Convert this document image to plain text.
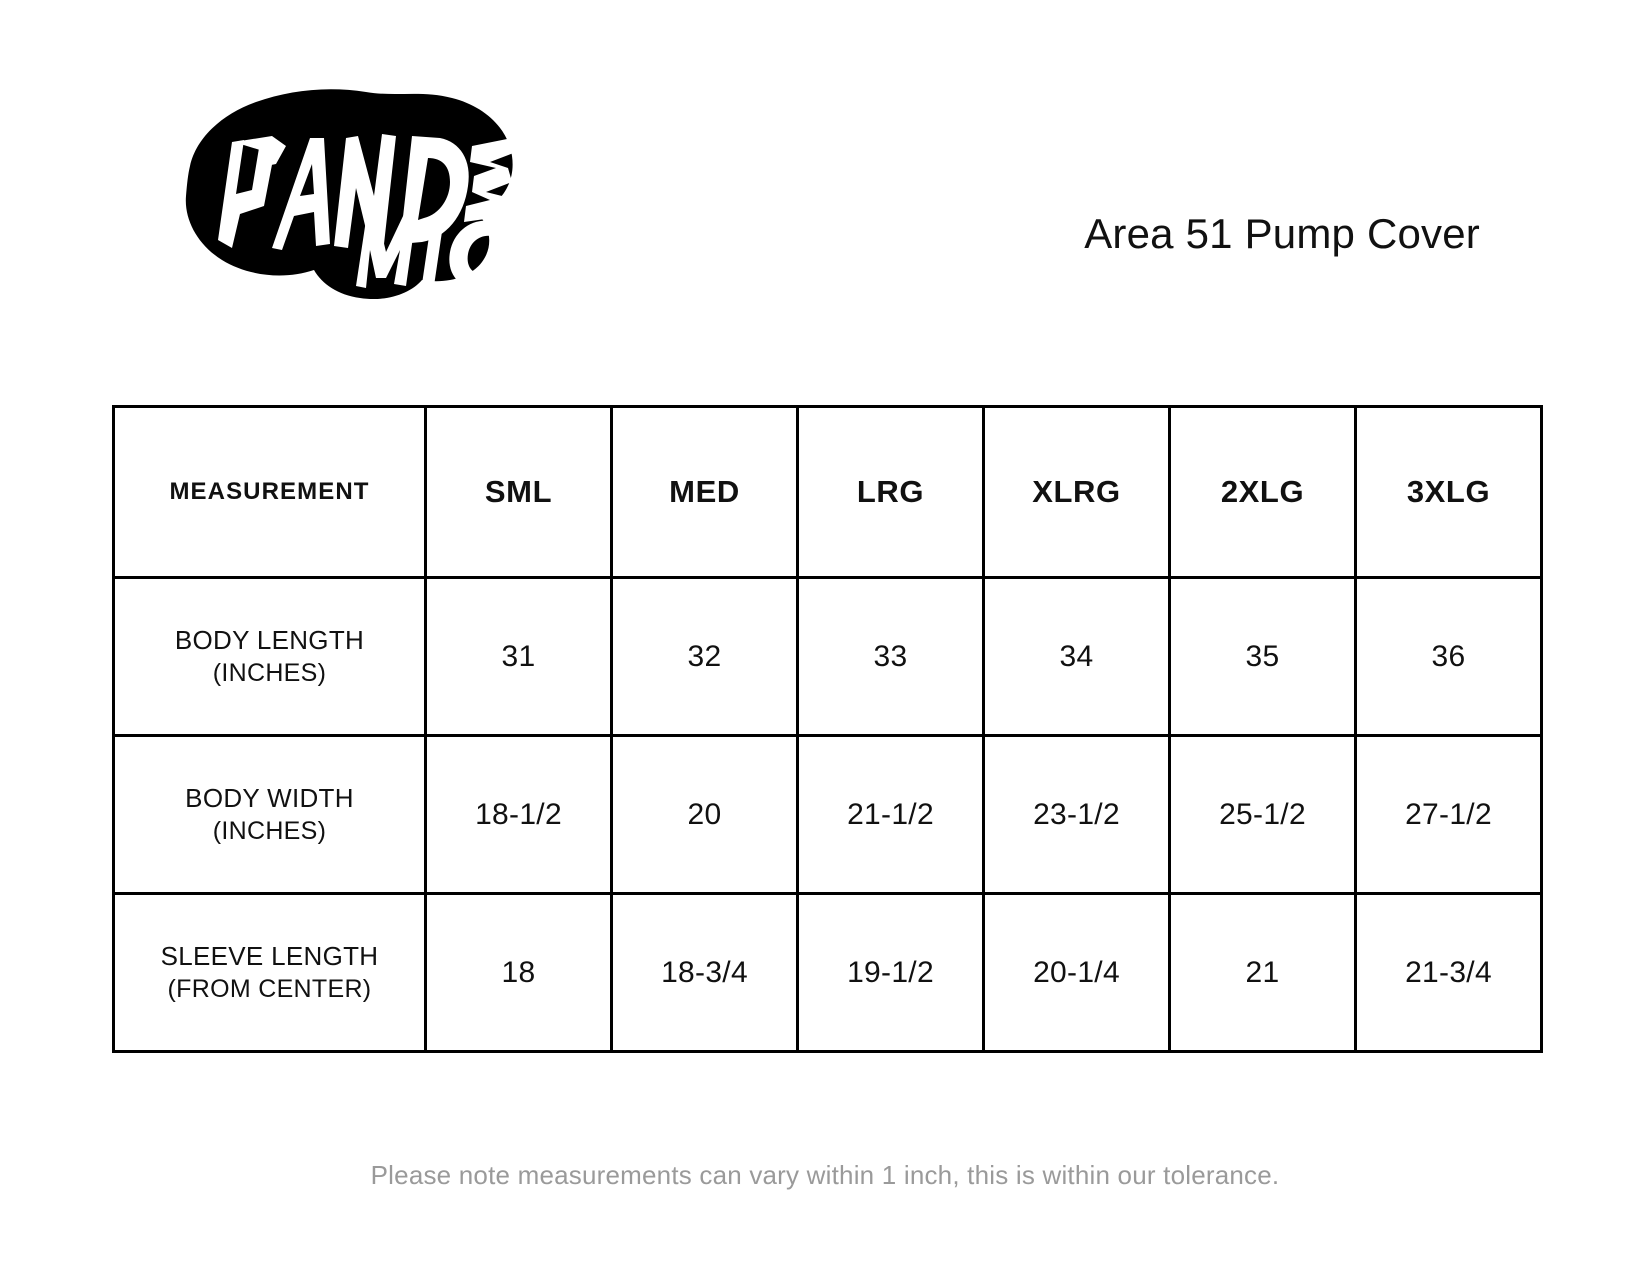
Area 51 Pump Cover
MEASUREMENT	SML	MED	LRG	XLRG	2XLG	3XLG
BODY LENGTH
(INCHES)	31	32	33	34	35	36
BODY WIDTH
(INCHES)	18-1/2	20	21-1/2	23-1/2	25-1/2	27-1/2
SLEEVE LENGTH
(FROM CENTER)	18	18-3/4	19-1/2	20-1/4	21	21-3/4
Please note measurements can vary within 1 inch, this is within our tolerance.
